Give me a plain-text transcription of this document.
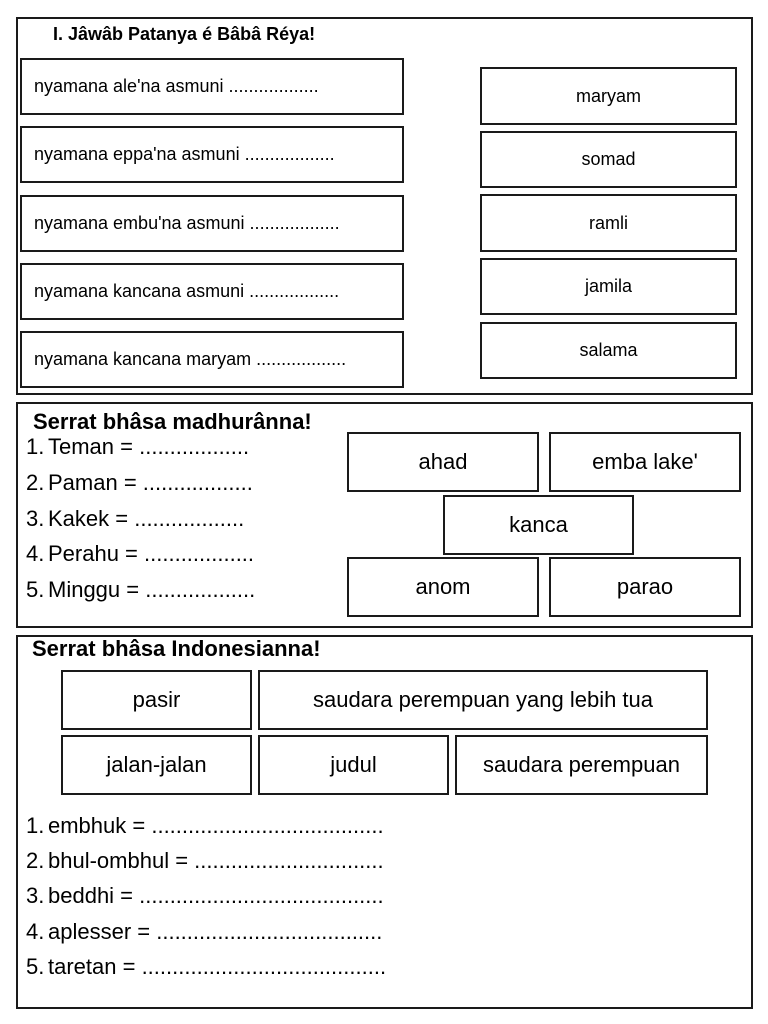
I. Jâwâb Patanya é Bâbâ Réya!
nyamana ale'na asmuni ..................
nyamana eppa'na asmuni ..................
nyamana embu'na asmuni ..................
nyamana kancana asmuni ..................
nyamana kancana maryam ..................
maryam
somad
ramli
jamila
salama
Serrat bhâsa madhurânna!
1. Teman = ..................
2. Paman = ..................
3. Kakek = ..................
4. Perahu = ..................
5. Minggu = ..................
ahad	emba lake'
kanca
anom	parao
Serrat bhâsa Indonesianna!
pasir	saudara perempuan yang lebih tua
jalan-jalan	judul	saudara perempuan
1. embhuk = ......................................
2. bhul-ombhul = ...............................
3. beddhi = ........................................
4. aplesser = .....................................
5. taretan = ........................................
